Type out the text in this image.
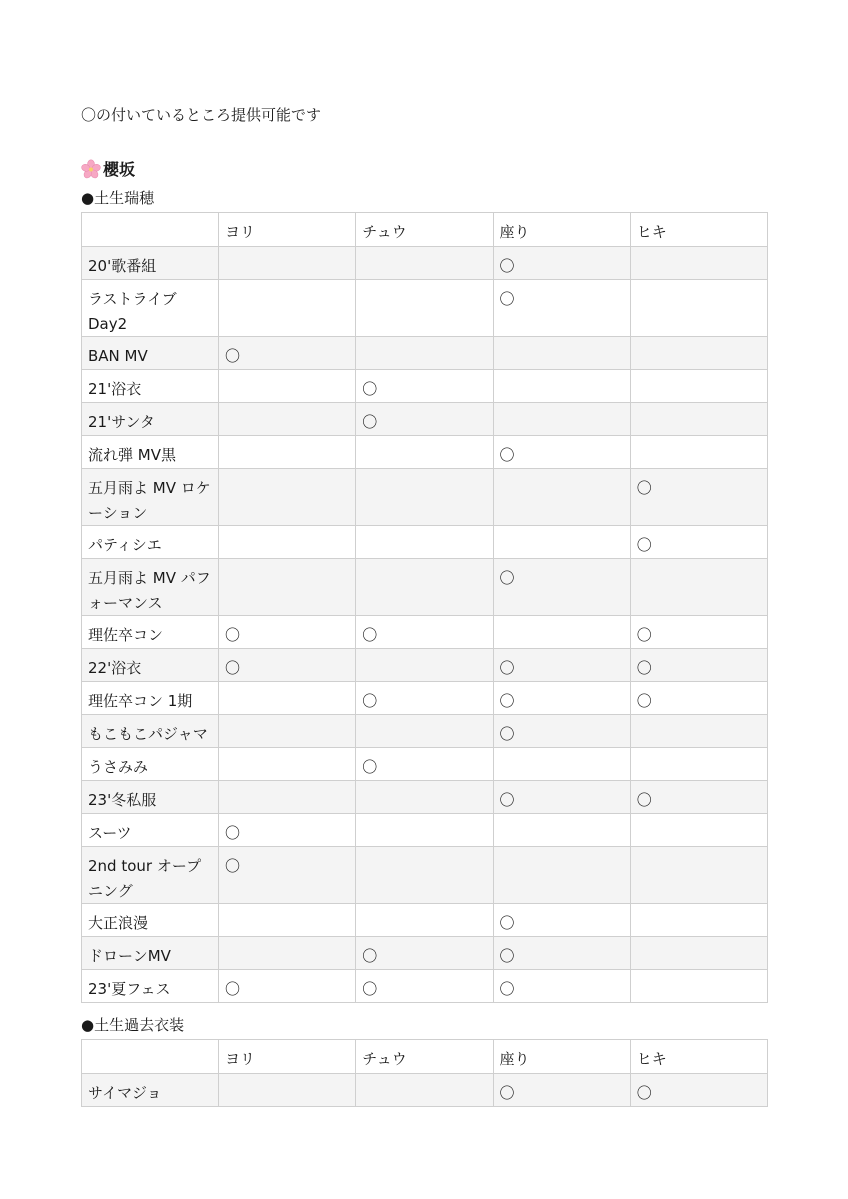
〇の付いているところ提供可能です
櫻坂
●土生瑞穂
	ヨリ	チュウ	座り	ヒキ
20'歌番組			〇	
ラストライブ Day2			〇	
BAN MV	〇			
21'浴衣		〇		
21'サンタ		〇		
流れ弾 MV黒			〇	
五月雨よ MV ロケーション				〇
パティシエ				〇
五月雨よ MV パフォーマンス			〇	
理佐卒コン	〇	〇		〇
22'浴衣	〇		〇	〇
理佐卒コン 1期		〇	〇	〇
もこもこパジャマ			〇	
うさみみ		〇		
23'冬私服			〇	〇
スーツ	〇			
2nd tour オープニング	〇			
大正浪漫			〇	
ドローンMV		〇	〇	
23'夏フェス	〇	〇	〇	
●土生過去衣装
	ヨリ	チュウ	座り	ヒキ
サイマジョ			〇	〇
